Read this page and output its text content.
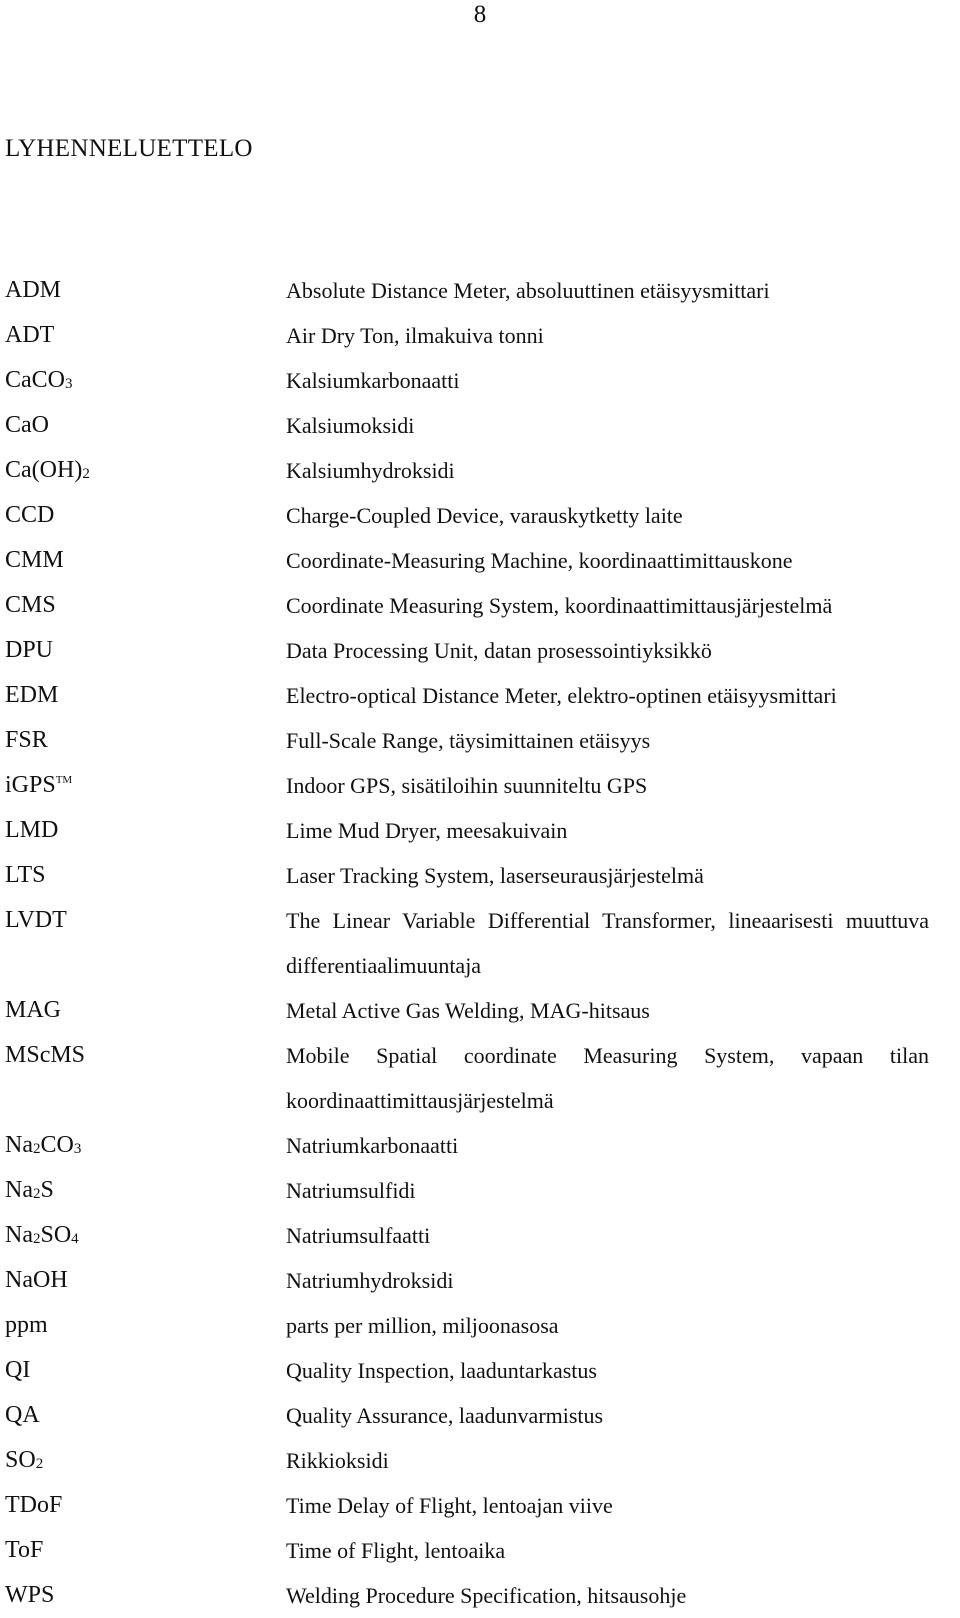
8
LYHENNELUETTELO
ADM	Absolute Distance Meter, absoluuttinen etäisyysmittari
ADT	Air Dry Ton, ilmakuiva tonni
CaCO$_3$	Kalsiumkarbonaatti
CaO	Kalsiumoksidi
$Ca(OH)_2$	Kalsiumhydroksidi
CCD	Charge-Coupled Device, varauskytketty laite
CMM	Coordinate-Measuring Machine, koordinaattimittauskone
CMS	Coordinate Measuring System, koordinaattimittausjärjestelmä
DPU	Data Processing Unit, datan prosessointiyksikkö
EDM	Electro-optical Distance Meter, elektro-optinen etäisyysmittari
FSR	Full-Scale Range, täysimittainen etäisyys
iGPS™	Indoor GPS, sisätiloihin suunniteltu GPS
LMD	Lime Mud Dryer, meesakuivain
LTS	Laser Tracking System, laserseurausjärjestelmä
LVDT	The Linear Variable Differential Transformer, lineaarisesti muuttuva differentiaalimuuntaja
MAG	Metal Active Gas Welding, MAG-hitsaus
MScMS	Mobile Spatial coordinate Measuring System, vapaan tilan koordinaattimittausjärjestelmä
$Na_2CO_3$	Natriumkarbonaatti
$Na_2S$	Natriumsulfidi
$Na_2SO_4$	Natriumsulfaatti
NaOH	Natriumhydroksidi
ppm	parts per million, miljoonasosa
QI	Quality Inspection, laaduntarkastus
QA	Quality Assurance, laadunvarmistus
$SO_2$	Rikkioksidi
TDoF	Time Delay of Flight, lentoajan viive
ToF	Time of Flight, lentoaika
WPS	Welding Procedure Specification, hitsausohje
